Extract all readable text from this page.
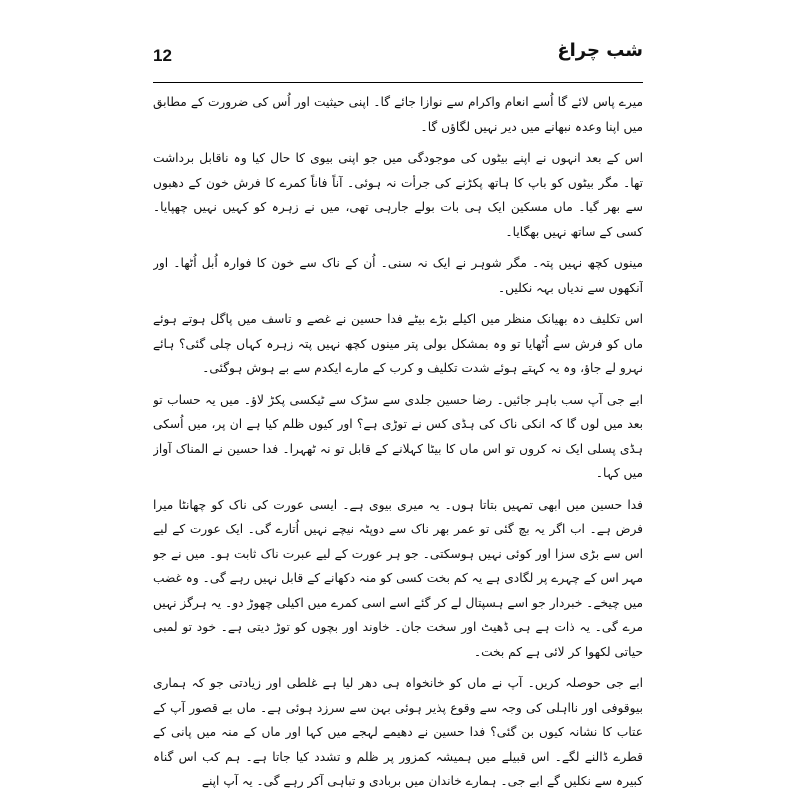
12	شب چراغ

میرے پاس لائے گا اُسے انعام واکرام سے نوازا جائے گا۔ اپنی حیثیت اور اُس کی ضرورت کے مطابق میں اپنا وعدہ نبھانے میں دیر نہیں لگاؤں گا۔

اس کے بعد انہوں نے اپنے بیٹوں کی موجودگی میں جو اپنی بیوی کا حال کیا وہ ناقابل برداشت تھا۔ مگر بیٹوں کو باپ کا ہاتھ پکڑنے کی جرأت نہ ہوئی۔ آناً فاناً کمرے کا فرش خون کے دھبوں سے بھر گیا۔ ماں مسکین ایک ہی بات بولے جارہی تھی، میں نے زہرہ کو کہیں نہیں چھپایا۔ کسی کے ساتھ نہیں بھگایا۔

مینوں کچھ نہیں پتہ۔ مگر شوہر نے ایک نہ سنی۔ اُن کے ناک سے خون کا فوارہ اُبل اُٹھا۔ اور آنکھوں سے ندیاں بہہ نکلیں۔

اس تکلیف دہ بھیانک منظر میں اکیلے بڑے بیٹے فدا حسین نے غصے و تاسف میں پاگل ہوتے ہوئے ماں کو فرش سے اُٹھایا تو وہ بمشکل بولی پتر مینوں کچھ نہیں پتہ زہرہ کہاں چلی گئی؟ ہائے نہرو لے جاؤ، وہ یہ کہتے ہوئے شدت تکلیف و کرب کے مارے ایکدم سے بے ہوش ہوگئی۔

ابے جی آپ سب باہر جائیں۔ رضا حسین جلدی سے سڑک سے ٹیکسی پکڑ لاؤ۔ میں یہ حساب تو بعد میں لوں گا کہ انکی ناک کی ہڈی کس نے توڑی ہے؟ اور کیوں ظلم کیا ہے ان پر، میں اُسکی ہڈی پسلی ایک نہ کروں تو اس ماں کا بیٹا کہلانے کے قابل تو نہ ٹھہرا۔ فدا حسین نے المناک آواز میں کہا۔

فدا حسین میں ابھی تمہیں بتاتا ہوں۔ یہ میری بیوی ہے۔ ایسی عورت کی ناک کو چھانٹا میرا فرض ہے۔ اب اگر یہ بچ گئی تو عمر بھر ناک سے دوپٹہ نیچے نہیں اُتارے گی۔ ایک عورت کے لیے اس سے بڑی سزا اور کوئی نہیں ہوسکتی۔ جو ہر عورت کے لیے عبرت ناک ثابت ہو۔ میں نے جو مہر اس کے چہرے پر لگادی ہے یہ کم بخت کسی کو منہ دکھانے کے قابل نہیں رہے گی۔ وہ غضب میں چیخے۔ خبردار جو اسے ہسپتال لے کر گئے اسے اسی کمرے میں اکیلی چھوڑ دو۔ یہ ہرگز نہیں مرے گی۔ یہ ذات ہے ہی ڈھیٹ اور سخت جان۔ خاوند اور بچوں کو توڑ دیتی ہے۔ خود تو لمبی حیاتی لکھوا کر لائی ہے کم بخت۔

ابے جی حوصلہ کریں۔ آپ نے ماں کو خانخواہ ہی دھر لیا ہے غلطی اور زیادتی جو کہ ہماری بیوقوفی اور نااہلی کی وجہ سے وقوع پذیر ہوئی بہن سے سرزد ہوئی ہے۔ ماں بے قصور آپ کے عتاب کا نشانہ کیوں بن گئی؟ فدا حسین نے دھیمے لہجے میں کہا اور ماں کے منہ میں پانی کے قطرے ڈالنے لگے۔ اس قبیلے میں ہمیشہ کمزور پر ظلم و تشدد کیا جاتا ہے۔ ہم کب اس گناہ کبیرہ سے نکلیں گے ابے جی۔ ہمارے خاندان میں بربادی و تباہی آکر رہے گی۔ یہ آپ اپنے
